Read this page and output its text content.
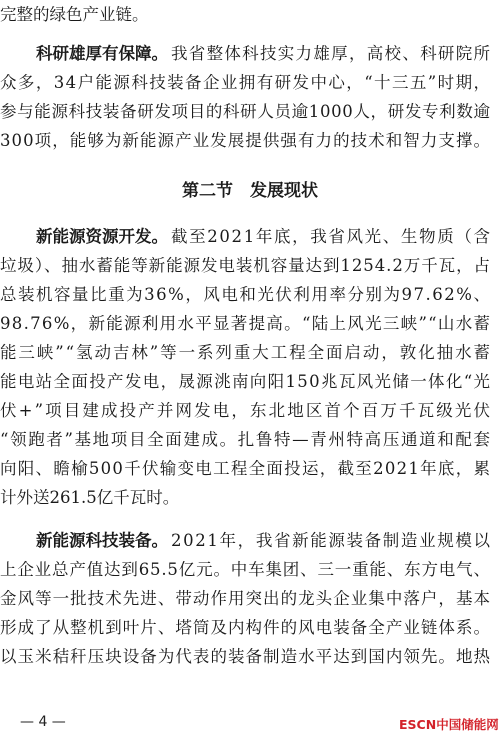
完整的绿色产业链。
科研雄厚有保障。 我省整体科技实力雄厚，高校、科研院所
众多，34户能源科技装备企业拥有研发中心，“十三五”时期，
参与能源科技装备研发项目的科研人员逾1000人，研发专利数逾
300项，能够为新能源产业发展提供强有力的技术和智力支撑。
第二节　发展现状
新能源资源开发。 截至2021年底，我省风光、生物质（含
垃圾）、抽水蓄能等新能源发电装机容量达到1254.2万千瓦，占
总装机容量比重为36%，风电和光伏利用率分别为97.62%、
98.76%，新能源利用水平显著提高。“陆上风光三峡”“山水蓄
能三峡”“氢动吉林”等一系列重大工程全面启动，敦化抽水蓄
能电站全面投产发电，晟源洮南向阳150兆瓦风光储一体化“光
伏+”项目建成投产并网发电，东北地区首个百万千瓦级光伏
“领跑者”基地项目全面建成。扎鲁特—青州特高压通道和配套
向阳、瞻榆500千伏输变电工程全面投运，截至2021年底，累
计外送261.5亿千瓦时。
新能源科技装备。 2021年，我省新能源装备制造业规模以
上企业总产值达到65.5亿元。中车集团、三一重能、东方电气、
金风等一批技术先进、带动作用突出的龙头企业集中落户，基本
形成了从整机到叶片、塔筒及内构件的风电装备全产业链体系。
以玉米秸秆压块设备为代表的装备制造水平达到国内领先。地热
— 4 —	ESCN中国储能网
